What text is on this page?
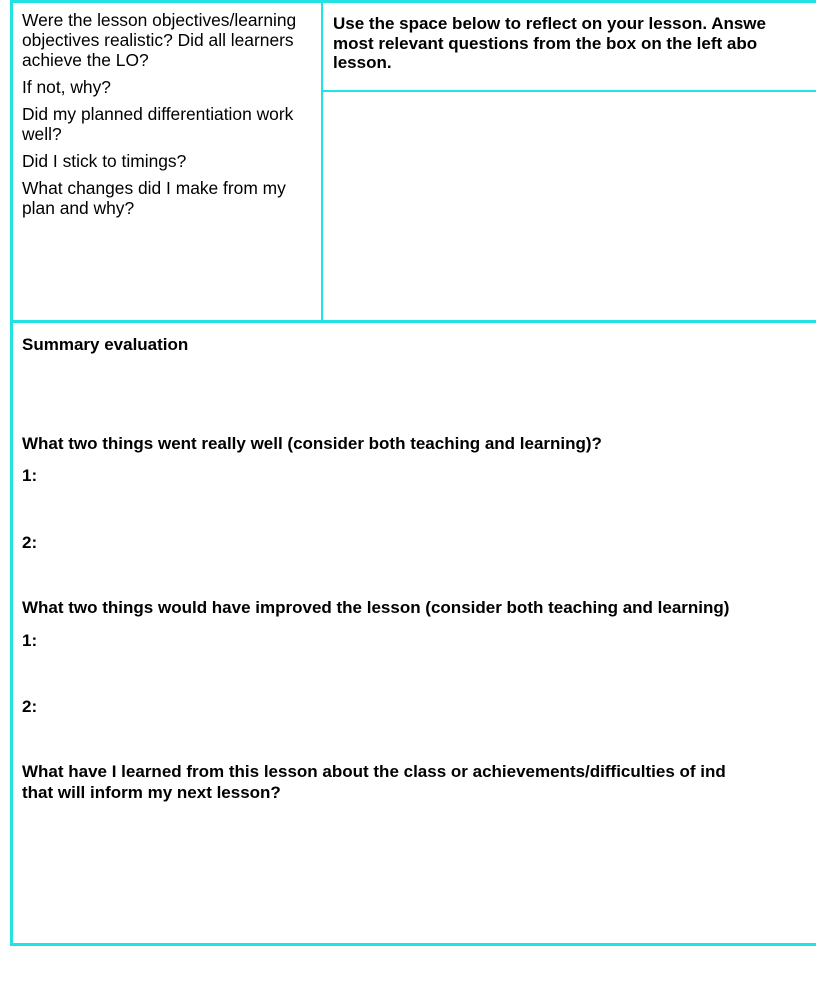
Were the lesson objectives/learning objectives realistic? Did all learners achieve the LO?

If not, why?

Did my planned differentiation work well?

Did I stick to timings?

What changes did I make from my plan and why?

Use the space below to reflect on your lesson. Answe
most relevant questions from the box on the left abo
lesson.
Summary evaluation
What two things went really well (consider both teaching and learning)?
1:
2:
What two things would have improved the lesson (consider both teaching and learning)
1:
2:
What have I learned from this lesson about the class or achievements/difficulties of ind
that will inform my next lesson?
